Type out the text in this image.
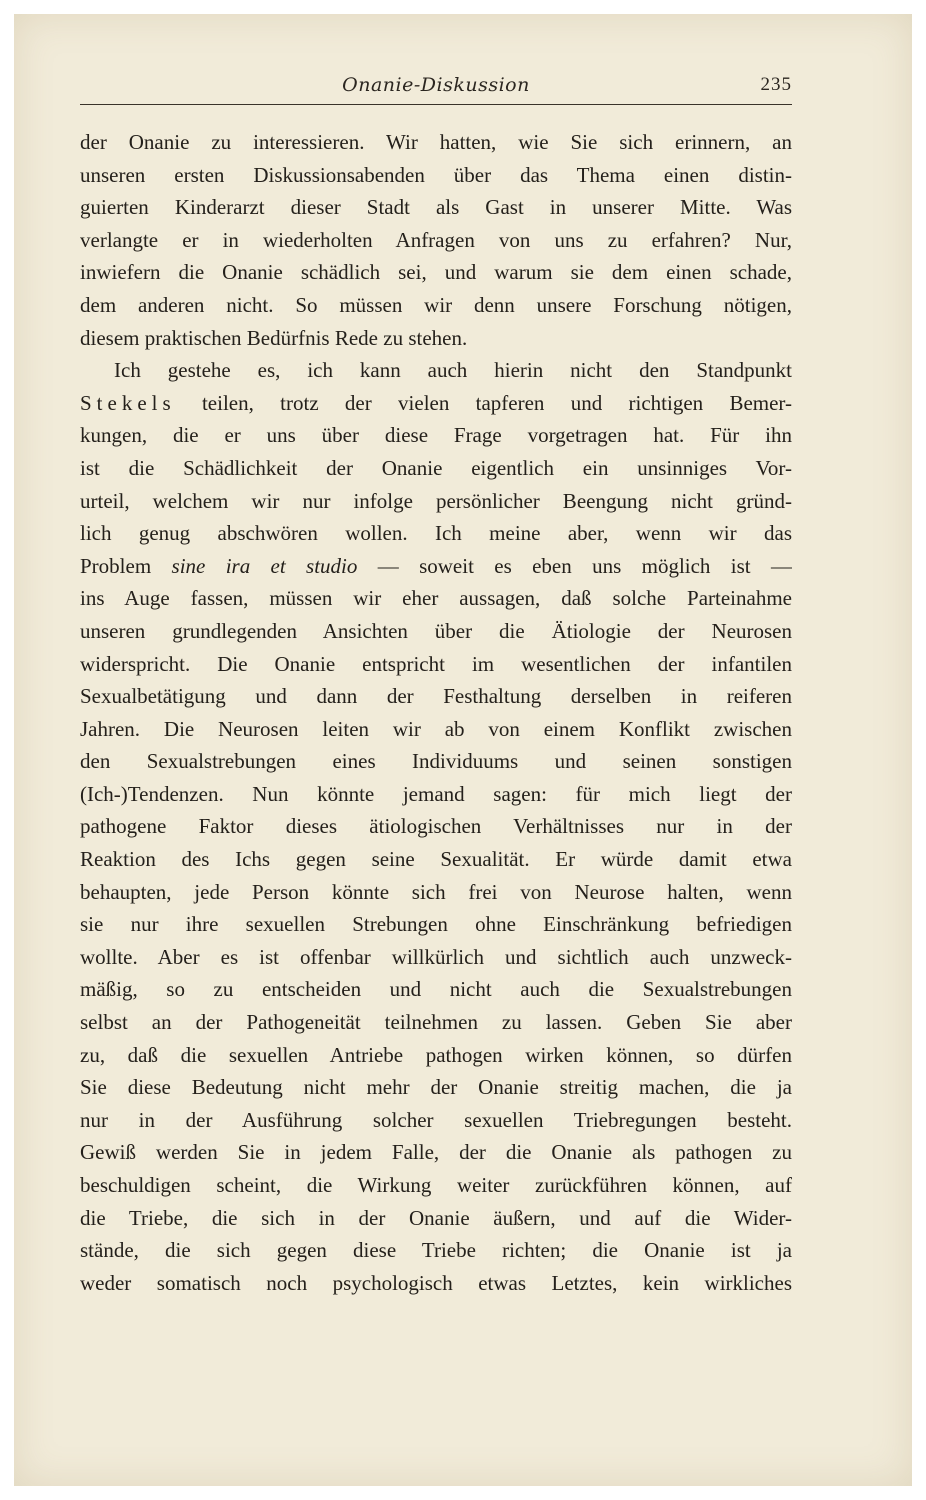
Onanie-Diskussion	235
der Onanie zu interessieren. Wir hatten, wie Sie sich erinnern, an
unseren ersten Diskussionsabenden über das Thema einen distin-
guierten Kinderarzt dieser Stadt als Gast in unserer Mitte. Was
verlangte er in wiederholten Anfragen von uns zu erfahren? Nur,
inwiefern die Onanie schädlich sei, und warum sie dem einen schade,
dem anderen nicht. So müssen wir denn unsere Forschung nötigen,
diesem praktischen Bedürfnis Rede zu stehen.
Ich gestehe es, ich kann auch hierin nicht den Standpunkt
Stekels teilen, trotz der vielen tapferen und richtigen Bemer-
kungen, die er uns über diese Frage vorgetragen hat. Für ihn
ist die Schädlichkeit der Onanie eigentlich ein unsinniges Vor-
urteil, welchem wir nur infolge persönlicher Beengung nicht gründ-
lich genug abschwören wollen. Ich meine aber, wenn wir das
Problem sine ira et studio — soweit es eben uns möglich ist —
ins Auge fassen, müssen wir eher aussagen, daß solche Parteinahme
unseren grundlegenden Ansichten über die Ätiologie der Neurosen
widerspricht. Die Onanie entspricht im wesentlichen der infantilen
Sexualbetätigung und dann der Festhaltung derselben in reiferen
Jahren. Die Neurosen leiten wir ab von einem Konflikt zwischen
den Sexualstrebungen eines Individuums und seinen sonstigen
(Ich-)Tendenzen. Nun könnte jemand sagen: für mich liegt der
pathogene Faktor dieses ätiologischen Verhältnisses nur in der
Reaktion des Ichs gegen seine Sexualität. Er würde damit etwa
behaupten, jede Person könnte sich frei von Neurose halten, wenn
sie nur ihre sexuellen Strebungen ohne Einschränkung befriedigen
wollte. Aber es ist offenbar willkürlich und sichtlich auch unzweck-
mäßig, so zu entscheiden und nicht auch die Sexualstrebungen
selbst an der Pathogeneität teilnehmen zu lassen. Geben Sie aber
zu, daß die sexuellen Antriebe pathogen wirken können, so dürfen
Sie diese Bedeutung nicht mehr der Onanie streitig machen, die ja
nur in der Ausführung solcher sexuellen Triebregungen besteht.
Gewiß werden Sie in jedem Falle, der die Onanie als pathogen zu
beschuldigen scheint, die Wirkung weiter zurückführen können, auf
die Triebe, die sich in der Onanie äußern, und auf die Wider-
stände, die sich gegen diese Triebe richten; die Onanie ist ja
weder somatisch noch psychologisch etwas Letztes, kein wirkliches
